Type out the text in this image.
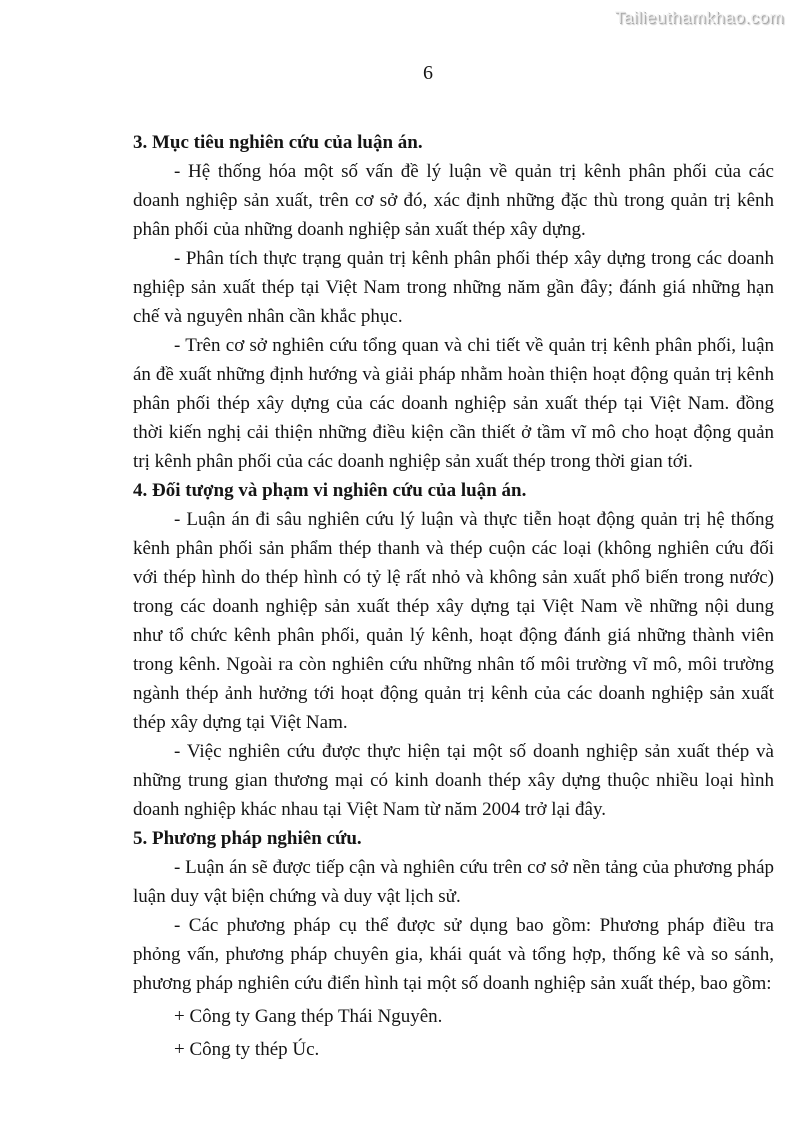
Tailieuthamkhao.com
6

3. Mục tiêu nghiên cứu của luận án.

- Hệ thống hóa một số vấn đề lý luận về quản trị kênh phân phối của các doanh nghiệp sản xuất, trên cơ sở đó, xác định những đặc thù trong quản trị kênh phân phối của những doanh nghiệp sản xuất thép xây dựng.

- Phân tích thực trạng quản trị kênh phân phối thép xây dựng trong các doanh nghiệp sản xuất thép tại Việt Nam trong những năm gần đây; đánh giá những hạn chế và nguyên nhân cần khắc phục.

- Trên cơ sở nghiên cứu tổng quan và chi tiết về quản trị kênh phân phối, luận án đề xuất những định hướng và giải pháp nhằm hoàn thiện hoạt động quản trị kênh phân phối thép xây dựng của các doanh nghiệp sản xuất thép tại Việt Nam. đồng thời kiến nghị cải thiện những điều kiện cần thiết ở tầm vĩ mô cho hoạt động quản trị kênh phân phối của các doanh nghiệp sản xuất thép trong thời gian tới.

4. Đối tượng và phạm vi nghiên cứu của luận án.

- Luận án đi sâu nghiên cứu lý luận và thực tiễn hoạt động quản trị hệ thống kênh phân phối sản phẩm thép thanh và thép cuộn các loại (không nghiên cứu đối với thép hình do thép hình có tỷ lệ rất nhỏ và không sản xuất phổ biến trong nước) trong các doanh nghiệp sản xuất thép xây dựng tại Việt Nam về những nội dung như tổ chức kênh phân phối, quản lý kênh, hoạt động đánh giá những thành viên trong kênh. Ngoài ra còn nghiên cứu những nhân tố môi trường vĩ mô, môi trường ngành thép ảnh hưởng tới hoạt động quản trị kênh của các doanh nghiệp sản xuất thép xây dựng tại Việt Nam.

- Việc nghiên cứu được thực hiện tại một số doanh nghiệp sản xuất thép và những trung gian thương mại có kinh doanh thép xây dựng thuộc nhiều loại hình doanh nghiệp khác nhau tại Việt Nam từ năm 2004 trở lại đây.

5. Phương pháp nghiên cứu.

- Luận án sẽ được tiếp cận và nghiên cứu trên cơ sở nền tảng của phương pháp luận duy vật biện chứng và duy vật lịch sử.

- Các phương pháp cụ thể được sử dụng bao gồm: Phương pháp điều tra phỏng vấn, phương pháp chuyên gia, khái quát và tổng hợp, thống kê và so sánh, phương pháp nghiên cứu điển hình tại một số doanh nghiệp sản xuất thép, bao gồm:

+ Công ty Gang thép Thái Nguyên.

+ Công ty thép Úc.
